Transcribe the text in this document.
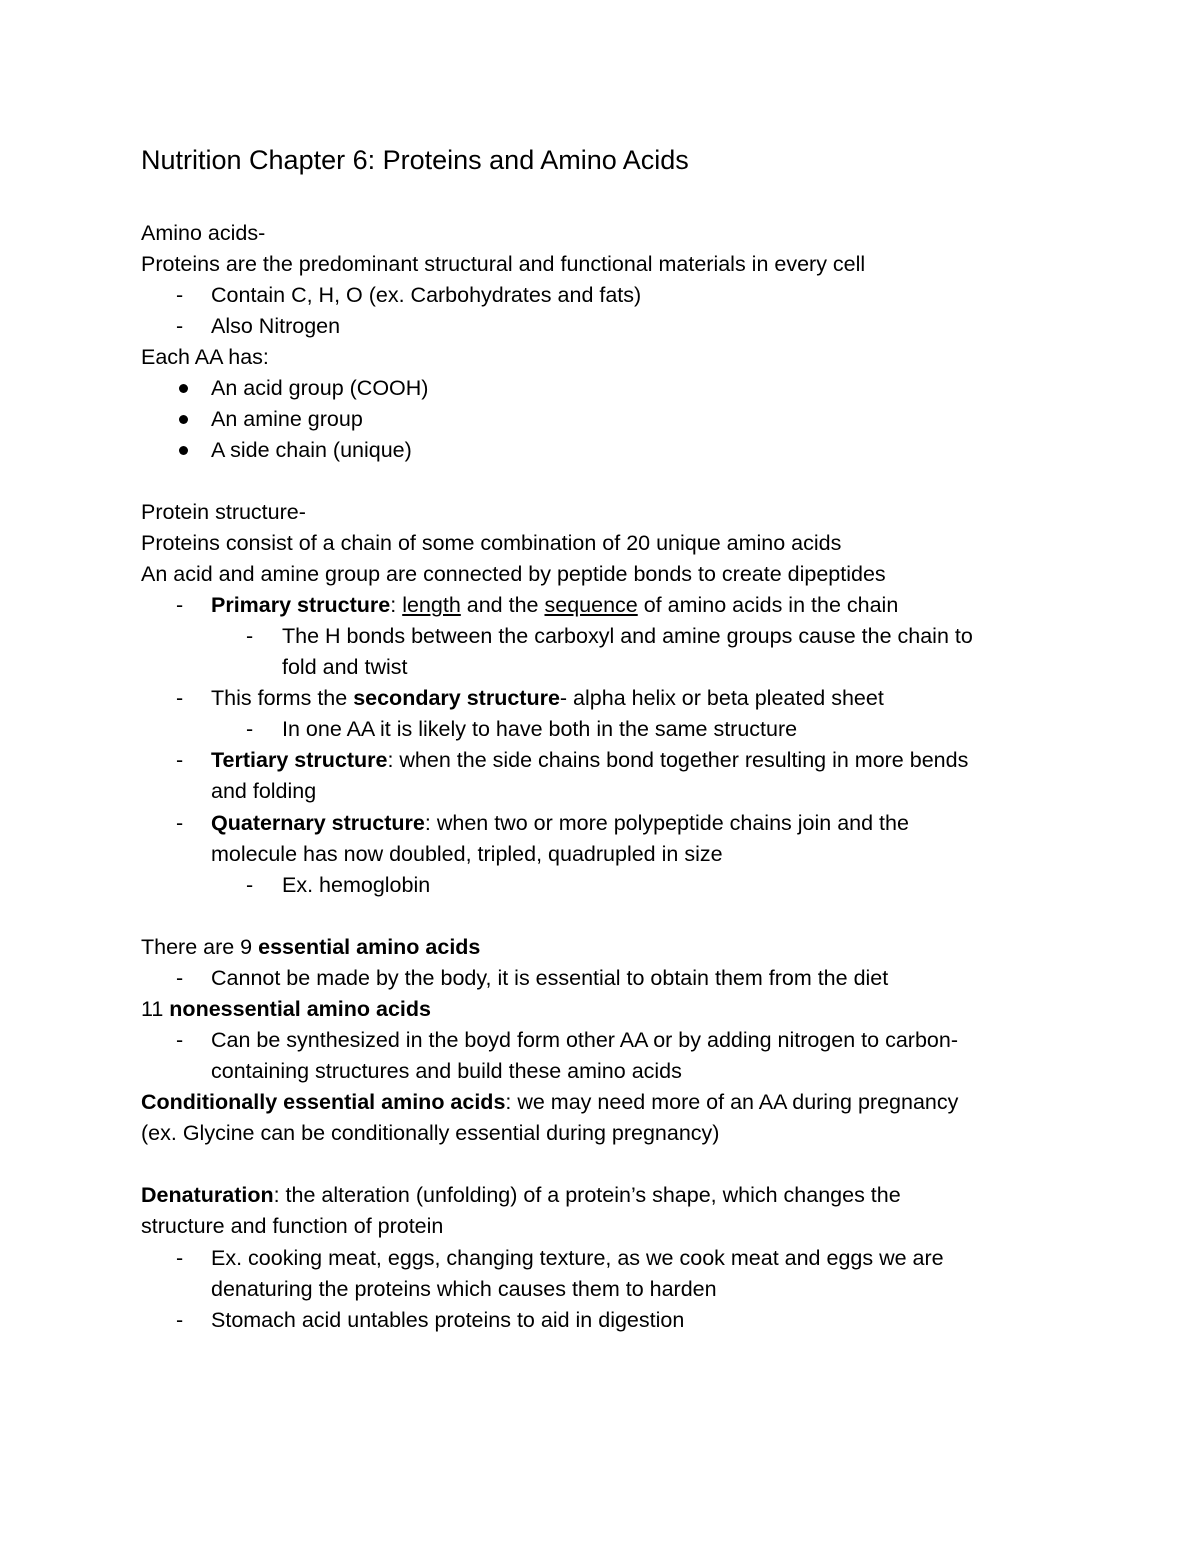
Nutrition Chapter 6: Proteins and Amino Acids
Amino acids-
Proteins are the predominant structural and functional materials in every cell
- Contain C, H, O (ex. Carbohydrates and fats)
- Also Nitrogen
Each AA has:
An acid group (COOH)
An amine group
A side chain (unique)
Protein structure-
Proteins consist of a chain of some combination of 20 unique amino acids
An acid and amine group are connected by peptide bonds to create dipeptides
- Primary structure: length and the sequence of amino acids in the chain
- The H bonds between the carboxyl and amine groups cause the chain to
fold and twist
- This forms the secondary structure- alpha helix or beta pleated sheet
- In one AA it is likely to have both in the same structure
- Tertiary structure: when the side chains bond together resulting in more bends
and folding
- Quaternary structure: when two or more polypeptide chains join and the
molecule has now doubled, tripled, quadrupled in size
- Ex. hemoglobin
There are 9 essential amino acids
- Cannot be made by the body, it is essential to obtain them from the diet
11 nonessential amino acids
- Can be synthesized in the boyd form other AA or by adding nitrogen to carbon-
containing structures and build these amino acids
Conditionally essential amino acids: we may need more of an AA during pregnancy
(ex. Glycine can be conditionally essential during pregnancy)
Denaturation: the alteration (unfolding) of a protein’s shape, which changes the
structure and function of protein
- Ex. cooking meat, eggs, changing texture, as we cook meat and eggs we are
denaturing the proteins which causes them to harden
- Stomach acid untables proteins to aid in digestion
